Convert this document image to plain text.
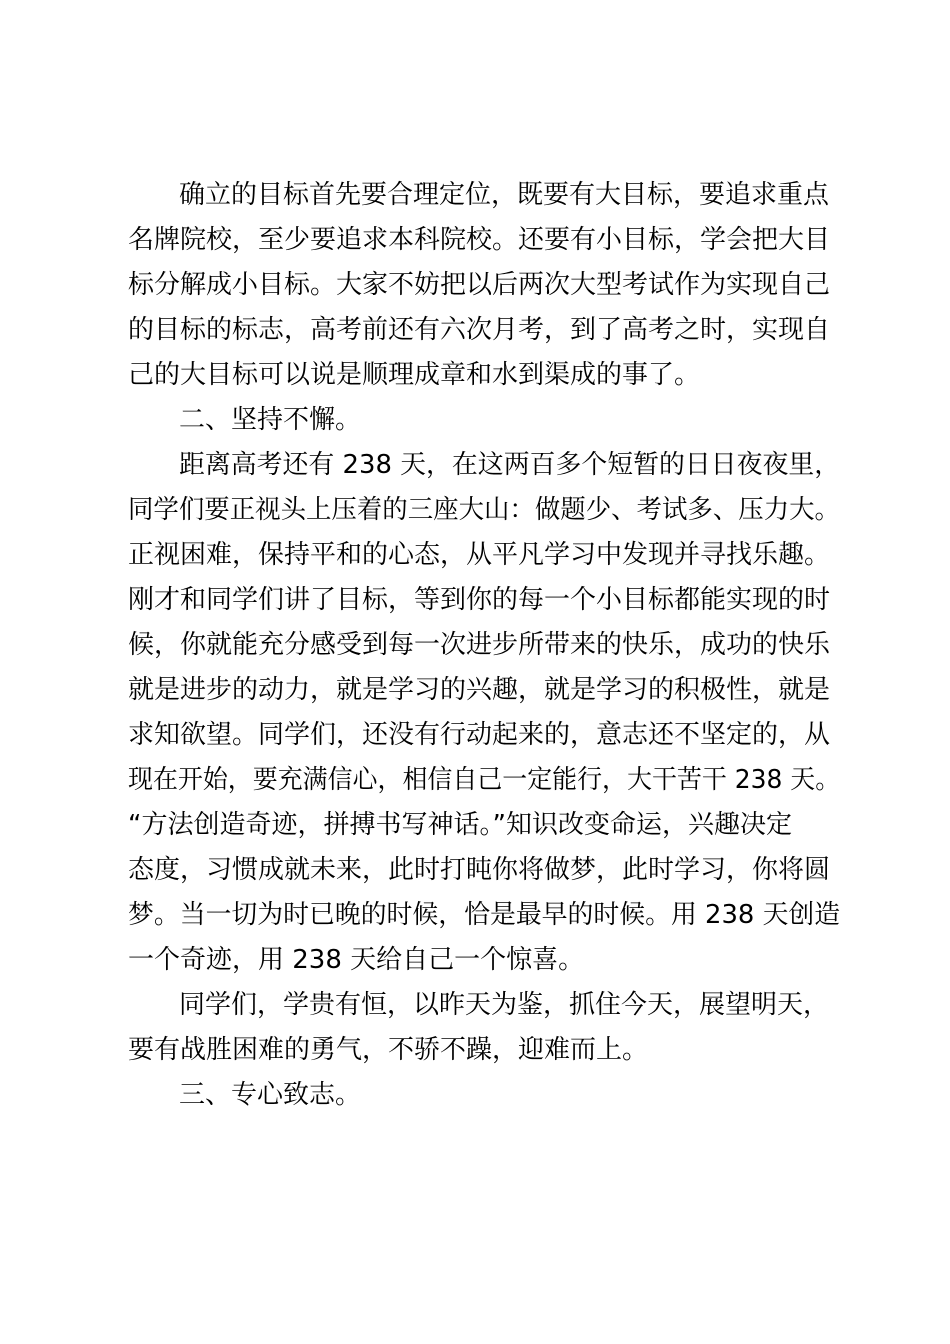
确立的目标首先要合理定位，既要有大目标，要追求重点

名牌院校，至少要追求本科院校。还要有小目标，学会把大目

标分解成小目标。大家不妨把以后两次大型考试作为实现自己

的目标的标志，高考前还有六次月考，到了高考之时，实现自

己的大目标可以说是顺理成章和水到渠成的事了。

二、坚持不懈。

距离高考还有 238 天，在这两百多个短暂的日日夜夜里，

同学们要正视头上压着的三座大山：做题少、考试多、压力大。

正视困难，保持平和的心态，从平凡学习中发现并寻找乐趣。

刚才和同学们讲了目标，等到你的每一个小目标都能实现的时

候，你就能充分感受到每一次进步所带来的快乐，成功的快乐

就是进步的动力，就是学习的兴趣，就是学习的积极性，就是

求知欲望。同学们，还没有行动起来的，意志还不坚定的，从

现在开始，要充满信心，相信自己一定能行，大干苦干 238 天。

“方法创造奇迹，拼搏书写神话。”知识改变命运，兴趣决定

态度，习惯成就未来，此时打盹你将做梦，此时学习，你将圆

梦。当一切为时已晚的时候，恰是最早的时候。用 238 天创造

一个奇迹，用 238 天给自己一个惊喜。

同学们，学贵有恒，以昨天为鉴，抓住今天，展望明天，

要有战胜困难的勇气，不骄不躁，迎难而上。

三、专心致志。
